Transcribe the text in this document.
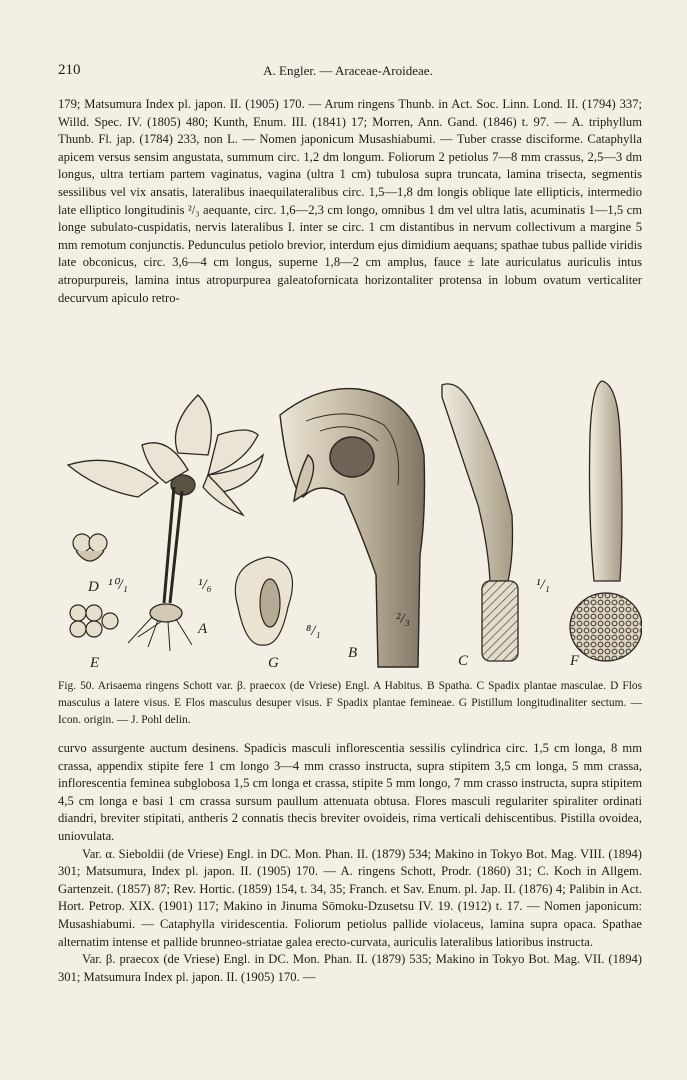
210	A. Engler. — Araceae-Aroideae.

179; Matsumura Index pl. japon. II. (1905) 170. — Arum ringens Thunb. in Act. Soc. Linn. Lond. II. (1794) 337; Willd. Spec. IV. (1805) 480; Kunth, Enum. III. (1841) 17; Morren, Ann. Gand. (1846) t. 97. — A. triphyllum Thunb. Fl. jap. (1784) 233, non L. — Nomen japonicum Musashiabumi. — Tuber crasse disciforme. Cataphylla apicem versus sensim angustata, summum circ. 1,2 dm longum. Foliorum 2 petiolus 7—8 mm crassus, 2,5—3 dm longus, ultra tertiam partem vaginatus, vagina (ultra 1 cm) tubulosa supra truncata, lamina trisecta, segmentis sessilibus vel vix ansatis, lateralibus inaequilateralibus circ. 1,5—1,8 dm longis oblique late ellipticis, intermedio late elliptico longitudinis ²/₃ aequante, circ. 1,6—2,3 cm longo, omnibus 1 dm vel ultra latis, acuminatis 1—1,5 cm longe subulato-cuspidatis, nervis lateralibus I. inter se circ. 1 cm distantibus in nervum collectivum a margine 5 mm remotum conjunctis. Pedunculus petiolo brevior, interdum ejus dimidium aequans; spathae tubus pallide viridis late obconicus, circ. 3,6—4 cm longus, superne 1,8—2 cm amplus, fauce ± late auriculatus auriculis intus atropurpureis, lamina intus atropurpurea galeatofornicata horizontaliter protensa in lobum ovatum verticaliter decurvum apiculo retro-

A
B	C
D
E	F
G
¹⁰/₁	¹/₆
⁸/₁
²/₃
¹/₁

Fig. 50. Arisaema ringens Schott var. β. praecox (de Vriese) Engl. A Habitus. B Spatha. C Spadix plantae masculae. D Flos masculus a latere visus. E Flos masculus desuper visus. F Spadix plantae femineae. G Pistillum longitudinaliter sectum. — Icon. origin. — J. Pohl delin.

curvo assurgente auctum desinens. Spadicis masculi inflorescentia sessilis cylindrica circ. 1,5 cm longa, 8 mm crassa, appendix stipite fere 1 cm longo 3—4 mm crasso instructa, supra stipitem 3,5 cm longa, 5 mm crassa, inflorescentia feminea subglobosa 1,5 cm longa et crassa, stipite 5 mm longo, 7 mm crasso instructa, supra stipitem 4,5 cm longa e basi 1 cm crassa sursum paullum attenuata obtusa. Flores masculi regulariter spiraliter ordinati diandri, breviter stipitati, antheris 2 connatis thecis breviter ovoideis, rima verticali dehiscentibus. Pistilla ovoidea, uniovulata.

Var. α. Sieboldii (de Vriese) Engl. in DC. Mon. Phan. II. (1879) 534; Makino in Tokyo Bot. Mag. VIII. (1894) 301; Matsumura, Index pl. japon. II. (1905) 170. — A. ringens Schott, Prodr. (1860) 31; C. Koch in Allgem. Gartenzeit. (1857) 87; Rev. Hortic. (1859) 154, t. 34, 35; Franch. et Sav. Enum. pl. Jap. II. (1876) 4; Palibin in Act. Hort. Petrop. XIX. (1901) 117; Makino in Jinuma Sōmoku-Dzusetsu IV. 19. (1912) t. 17. — Nomen japonicum: Musashiabumi. — Cataphylla viridescentia. Foliorum petiolus pallide violaceus, lamina supra opaca. Spathae alternatim intense et pallide brunneo-striatae galea erecto-curvata, auriculis lateralibus latioribus instructa.

Var. β. praecox (de Vriese) Engl. in DC. Mon. Phan. II. (1879) 535; Makino in Tokyo Bot. Mag. VII. (1894) 301; Matsumura Index pl. japon. II. (1905) 170. —
